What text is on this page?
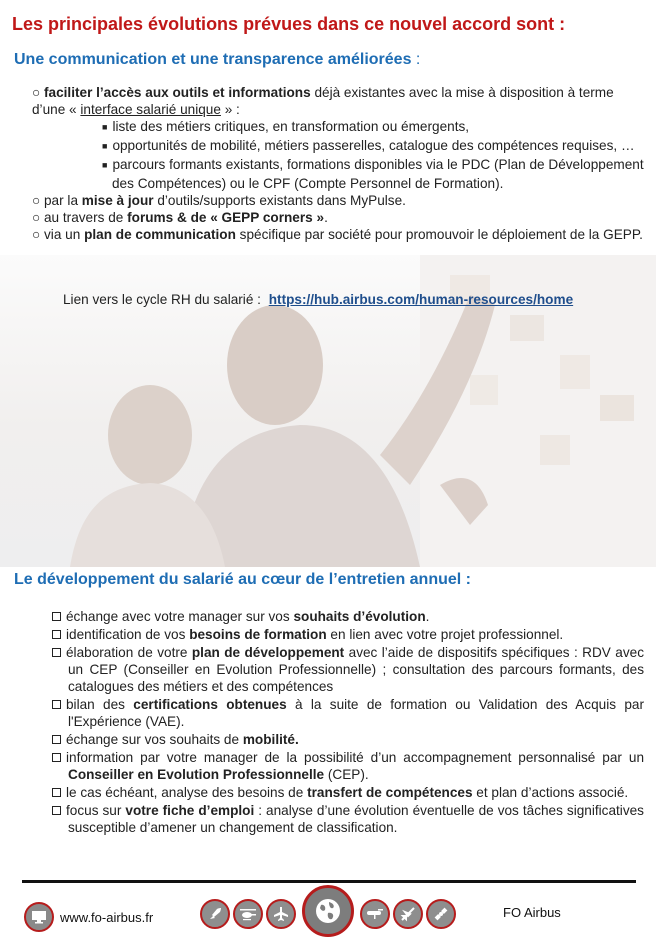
Les principales évolutions prévues dans ce nouvel accord sont :
Une communication et une transparence améliorées :

○ faciliter l’accès aux outils et informations déjà existantes avec la mise à disposition à terme d’une « interface salarié unique » :

■ liste des métiers critiques, en transformation ou émergents,

■ opportunités de mobilité, métiers passerelles, catalogue des compétences requises, …

■ parcours formants existants, formations disponibles via le PDC (Plan de Développement des Compétences) ou le CPF (Compte Personnel de Formation).

○ par la mise à jour d’outils/supports existants dans MyPulse.

○ au travers de forums & de « GEPP corners ».

○ via un plan de communication spécifique par société pour promouvoir le déploiement de la GEPP.

Lien vers le cycle RH du salarié : https://hub.airbus.com/human-resources/home
Le développement du salarié au cœur de l’entretien annuel :

échange avec votre manager sur vos souhaits d’évolution.

identification de vos besoins de formation en lien avec votre projet professionnel.

élaboration de votre plan de développement avec l’aide de dispositifs spécifiques : RDV avec un CEP (Conseiller en Evolution Professionnelle) ; consultation des parcours formants, des catalogues des métiers et des compétences

bilan des certifications obtenues à la suite de formation ou Validation des Acquis par l'Expérience (VAE).

échange sur vos souhaits de mobilité.

information par votre manager de la possibilité d’un accompagnement personnalisé par un Conseiller en Evolution Professionnelle (CEP).

le cas échéant, analyse des besoins de transfert de compétences et plan d’actions associé.

focus sur votre fiche d’emploi : analyse d’une évolution éventuelle de vos tâches significatives susceptible d’amener un changement de classification.

www.fo-airbus.fr	FO Airbus
